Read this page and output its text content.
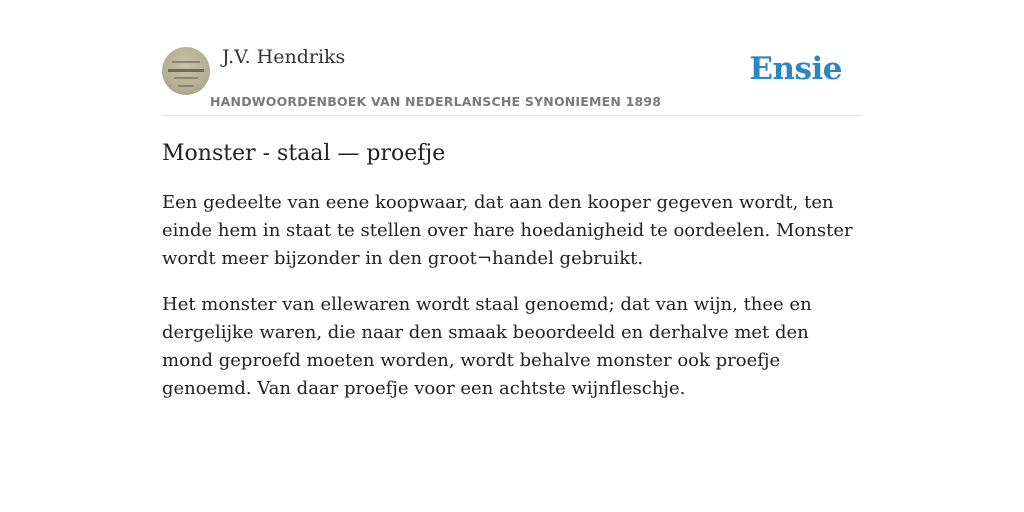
J.V. Hendriks
HANDWOORDENBOEK VAN NEDERLANSCHE SYNONIEMEN 1898
Ensie
Monster - staal — proefje

Een gedeelte van eene koopwaar, dat aan den kooper gegeven wordt, ten einde hem in staat te stellen over hare hoedanigheid te oordeelen. Monster wordt meer bijzonder in den groot¬handel gebruikt.

Het monster van ellewaren wordt staal genoemd; dat van wijn, thee en dergelijke waren, die naar den smaak beoordeeld en derhalve met den mond geproefd moeten worden, wordt behalve monster ook proefje genoemd. Van daar proefje voor een achtste wijnfleschje.
